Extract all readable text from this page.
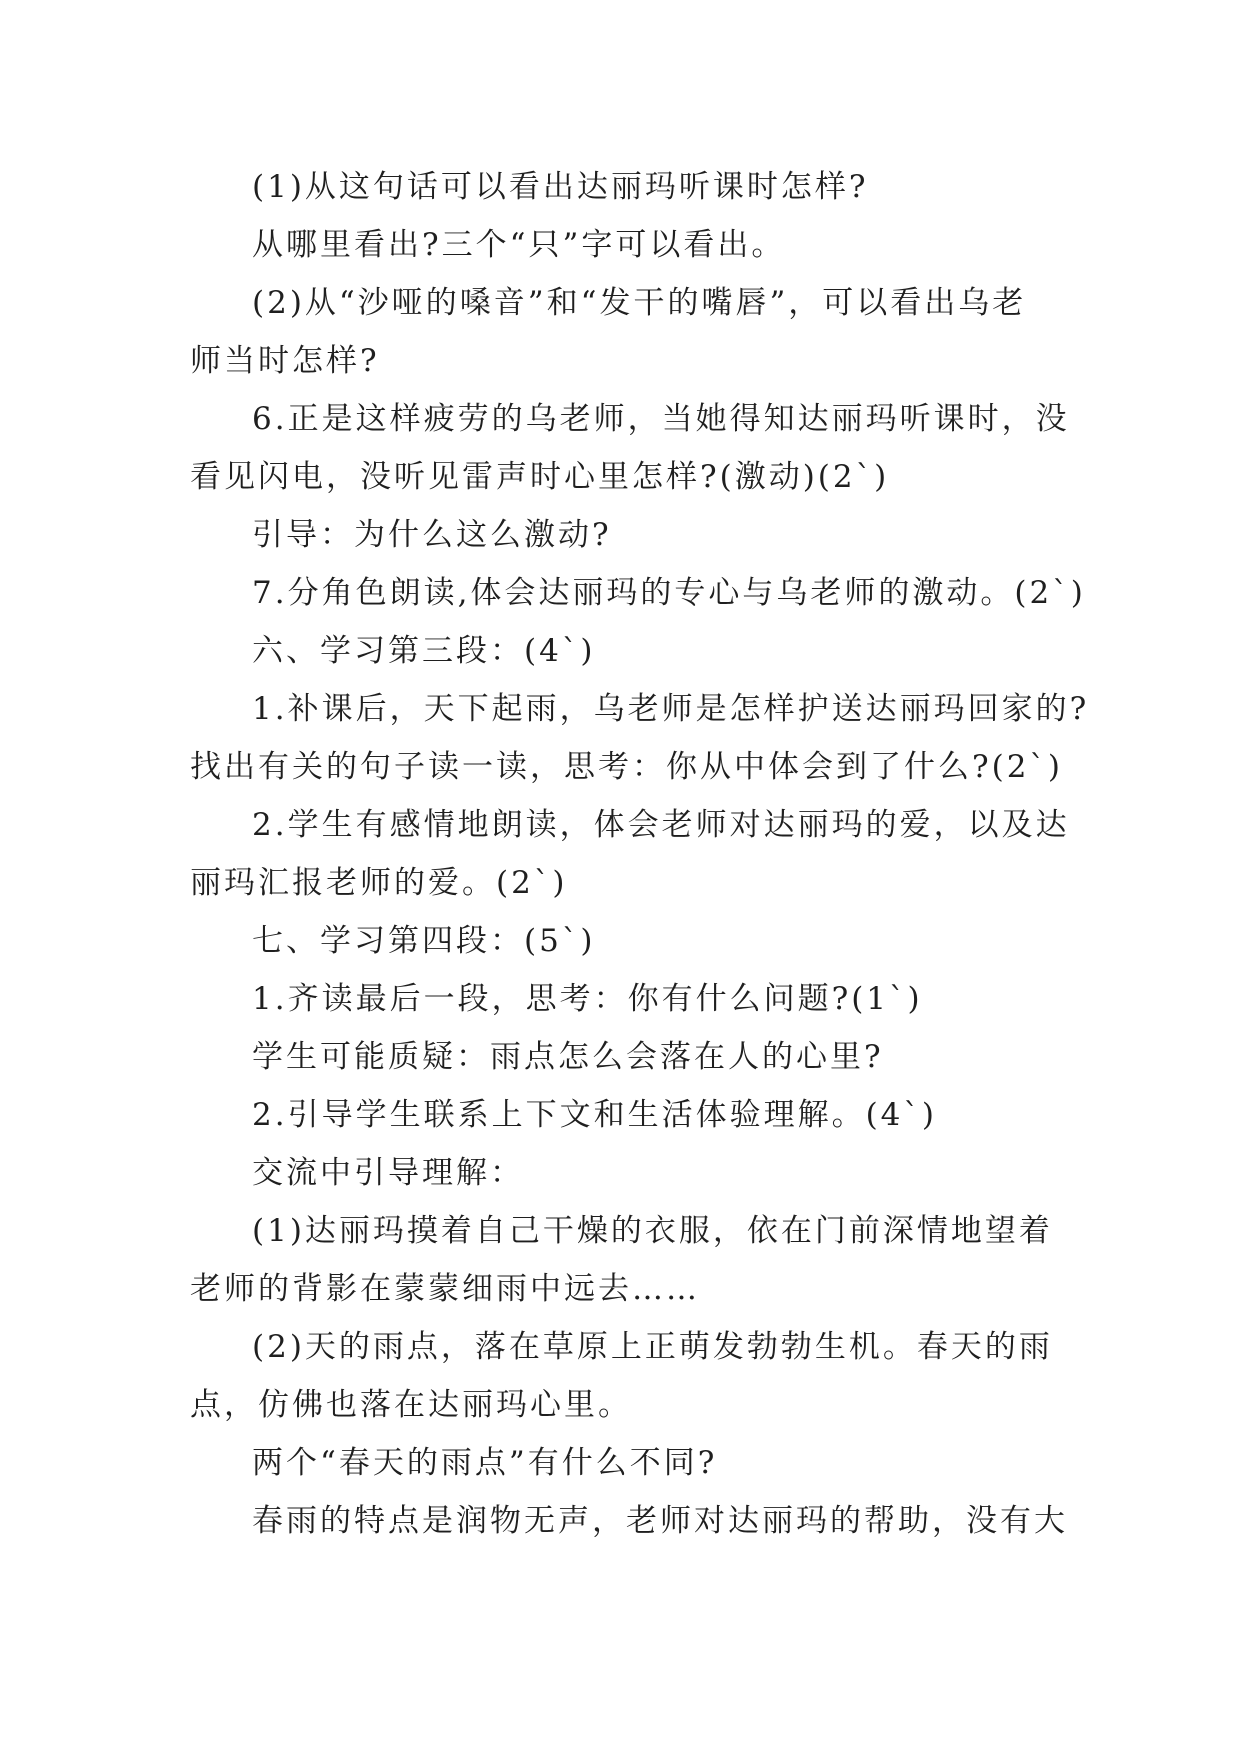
(1)从这句话可以看出达丽玛听课时怎样?

从哪里看出?三个“只”字可以看出。

(2)从“沙哑的嗓音”和“发干的嘴唇”，可以看出乌老
师当时怎样?

6.正是这样疲劳的乌老师，当她得知达丽玛听课时，没
看见闪电，没听见雷声时心里怎样?(激动)(2`)

引导：为什么这么激动?

7.分角色朗读,体会达丽玛的专心与乌老师的激动。(2`)

六、学习第三段：(4`)

1.补课后，天下起雨，乌老师是怎样护送达丽玛回家的?
找出有关的句子读一读，思考：你从中体会到了什么?(2`)

2.学生有感情地朗读，体会老师对达丽玛的爱，以及达
丽玛汇报老师的爱。(2`)

七、学习第四段：(5`)

1.齐读最后一段，思考：你有什么问题?(1`)

学生可能质疑：雨点怎么会落在人的心里?

2.引导学生联系上下文和生活体验理解。(4`)

交流中引导理解：

(1)达丽玛摸着自己干燥的衣服，依在门前深情地望着
老师的背影在蒙蒙细雨中远去……

(2)天的雨点，落在草原上正萌发勃勃生机。春天的雨
点，仿佛也落在达丽玛心里。

两个“春天的雨点”有什么不同?

春雨的特点是润物无声，老师对达丽玛的帮助，没有大
